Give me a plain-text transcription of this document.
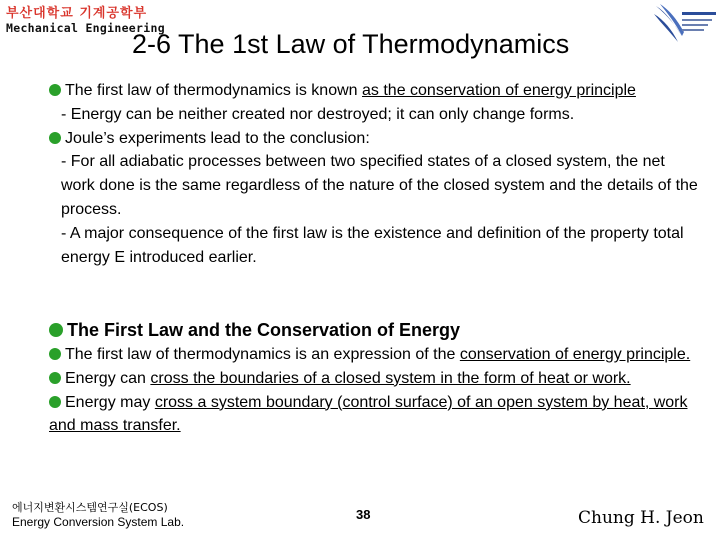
부산대학교 기계공학부
Mechanical Engineering
2-6 The 1st Law of Thermodynamics

The first law of thermodynamics is known as the conservation of energy principle

- Energy can be neither created nor destroyed; it can only change forms.

Joule’s experiments lead to the conclusion:

- For all adiabatic processes between two specified states of a closed system, the net work done is the same regardless of the nature of the closed system and the details of the process.

- A major consequence of the first law is the existence and definition of the property total energy E introduced earlier.

The First Law and the Conservation of Energy

The first law of thermodynamics is an expression of the conservation of energy principle.

Energy can cross the boundaries of a closed system in the form of heat or work.

Energy may cross a system boundary (control surface) of an open system by heat, work and mass transfer.

에너지변환시스템연구실(ECOS)
Energy Conversion System Lab.	38	Chung H. Jeon
